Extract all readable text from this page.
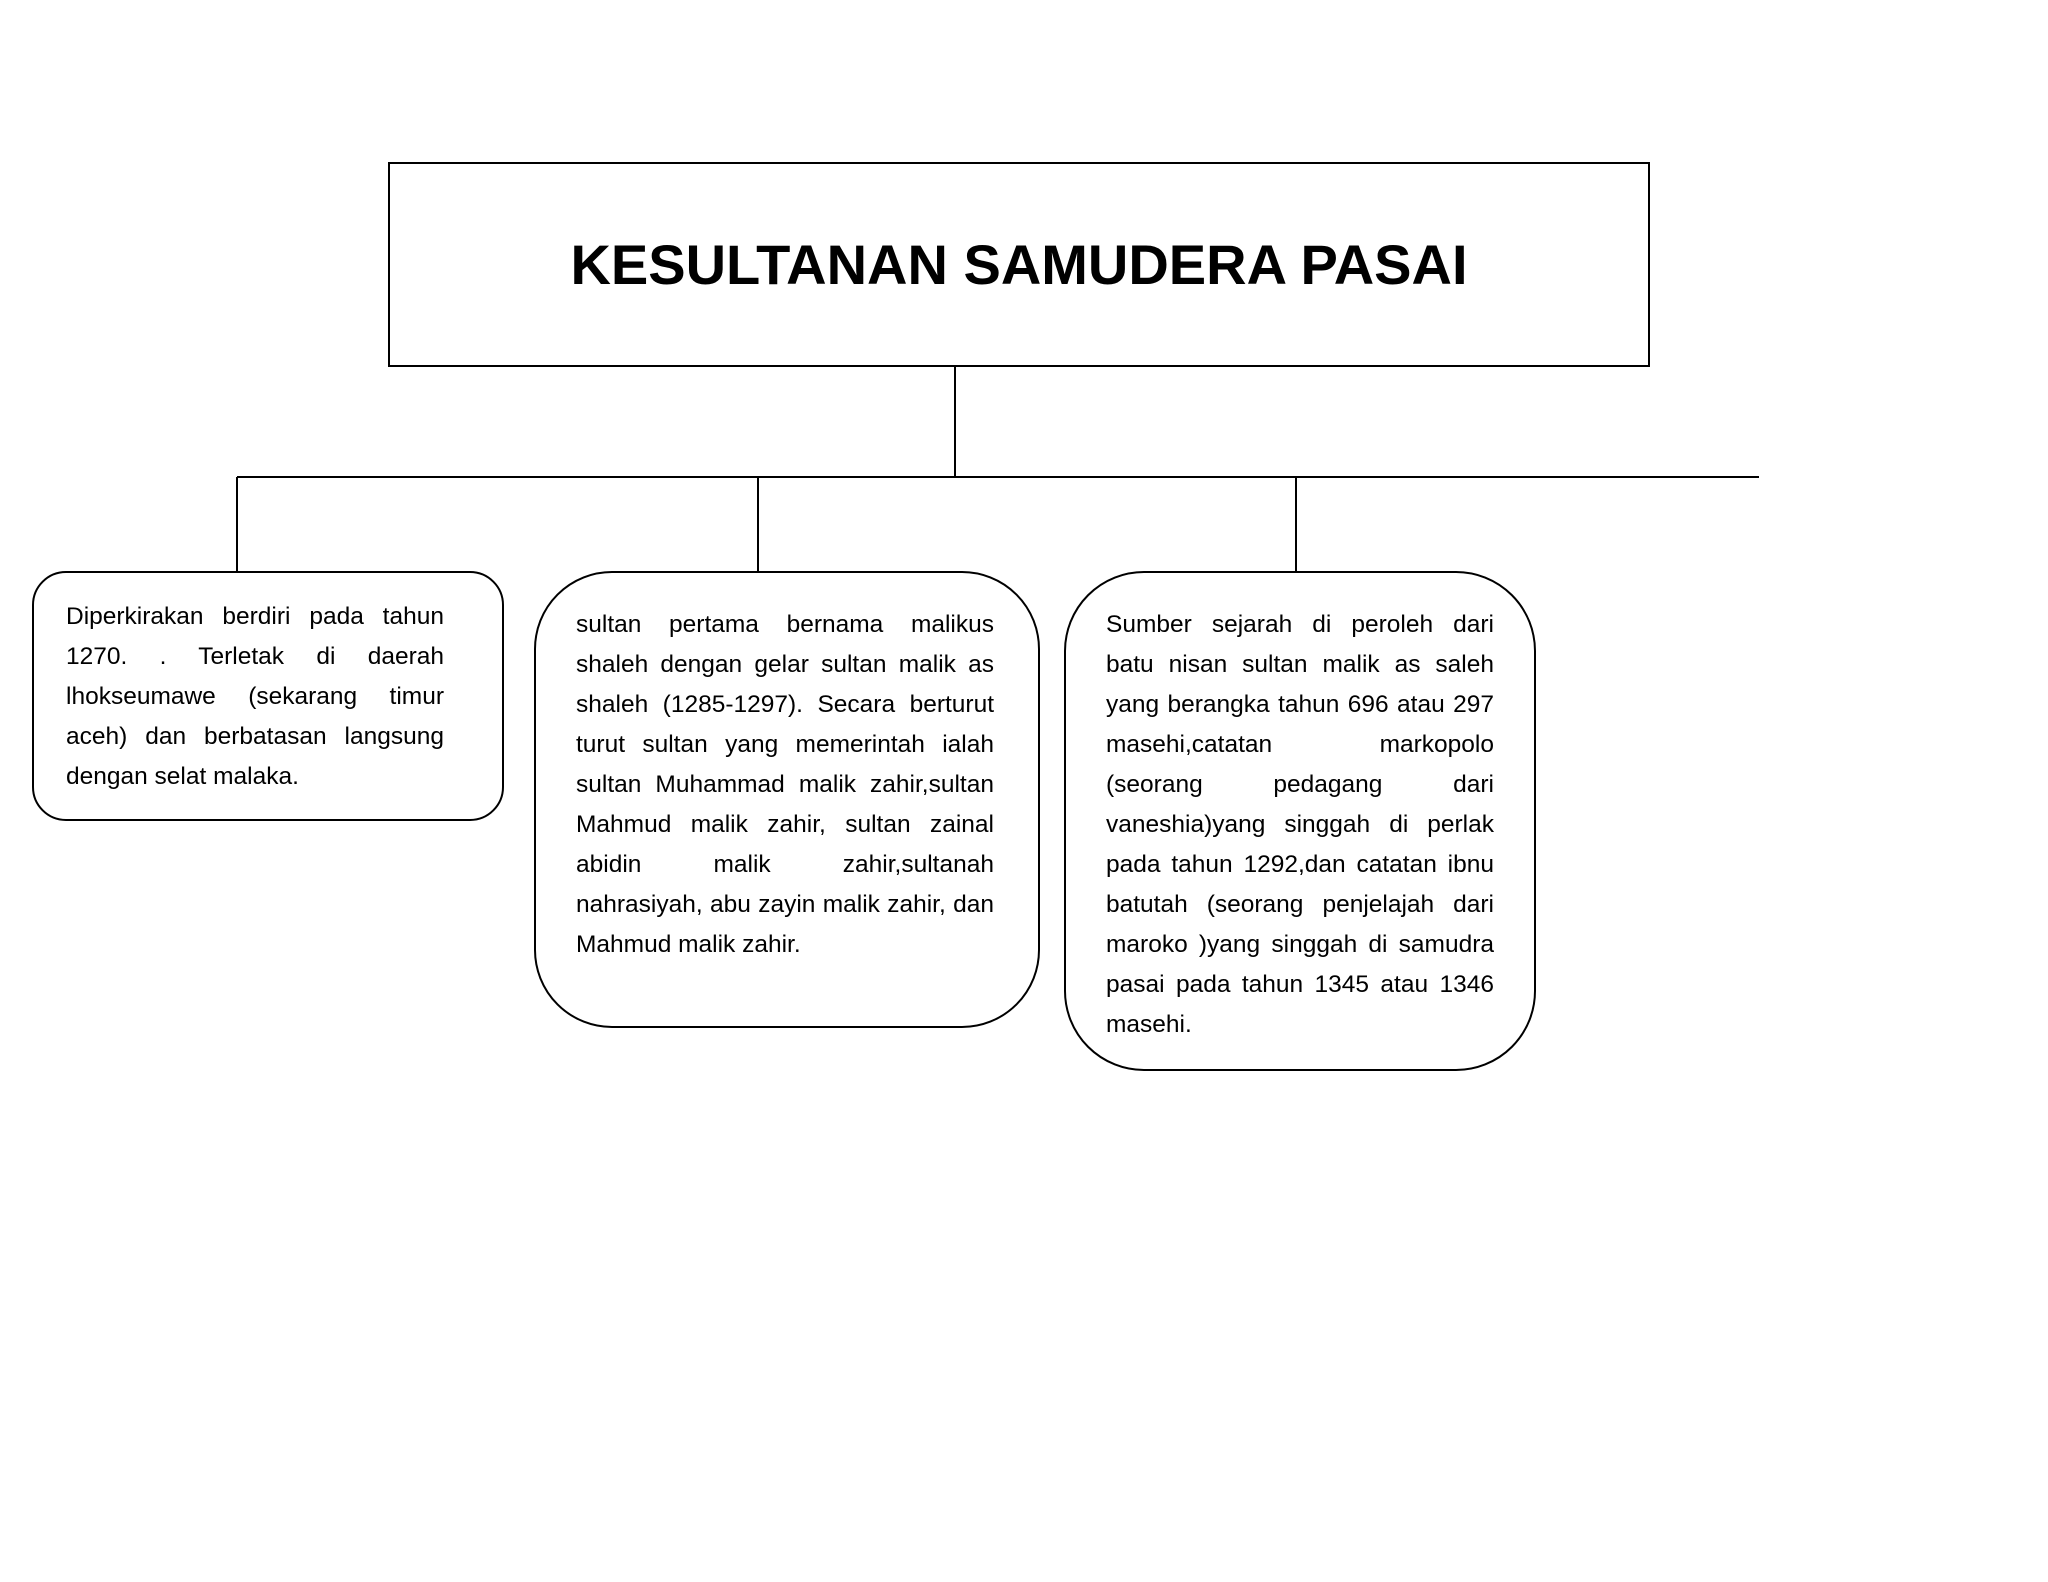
KESULTANAN SAMUDERA PASAI

Diperkirakan berdiri pada tahun 1270. . Terletak di daerah lhokseumawe (sekarang timur aceh) dan berbatasan langsung dengan selat malaka.

sultan pertama bernama malikus shaleh dengan gelar sultan malik as shaleh (1285-1297). Secara berturut turut sultan yang memerintah ialah sultan Muhammad malik zahir,sultan Mahmud malik zahir, sultan zainal abidin malik zahir,sultanah nahrasiyah, abu zayin malik zahir, dan Mahmud malik zahir.

Sumber sejarah di peroleh dari batu nisan sultan malik as saleh yang berangka tahun 696 atau 297 masehi,catatan markopolo (seorang pedagang dari vaneshia)yang singgah di perlak pada tahun 1292,dan catatan ibnu batutah (seorang penjelajah dari maroko )yang singgah di samudra pasai pada tahun 1345 atau 1346 masehi.
